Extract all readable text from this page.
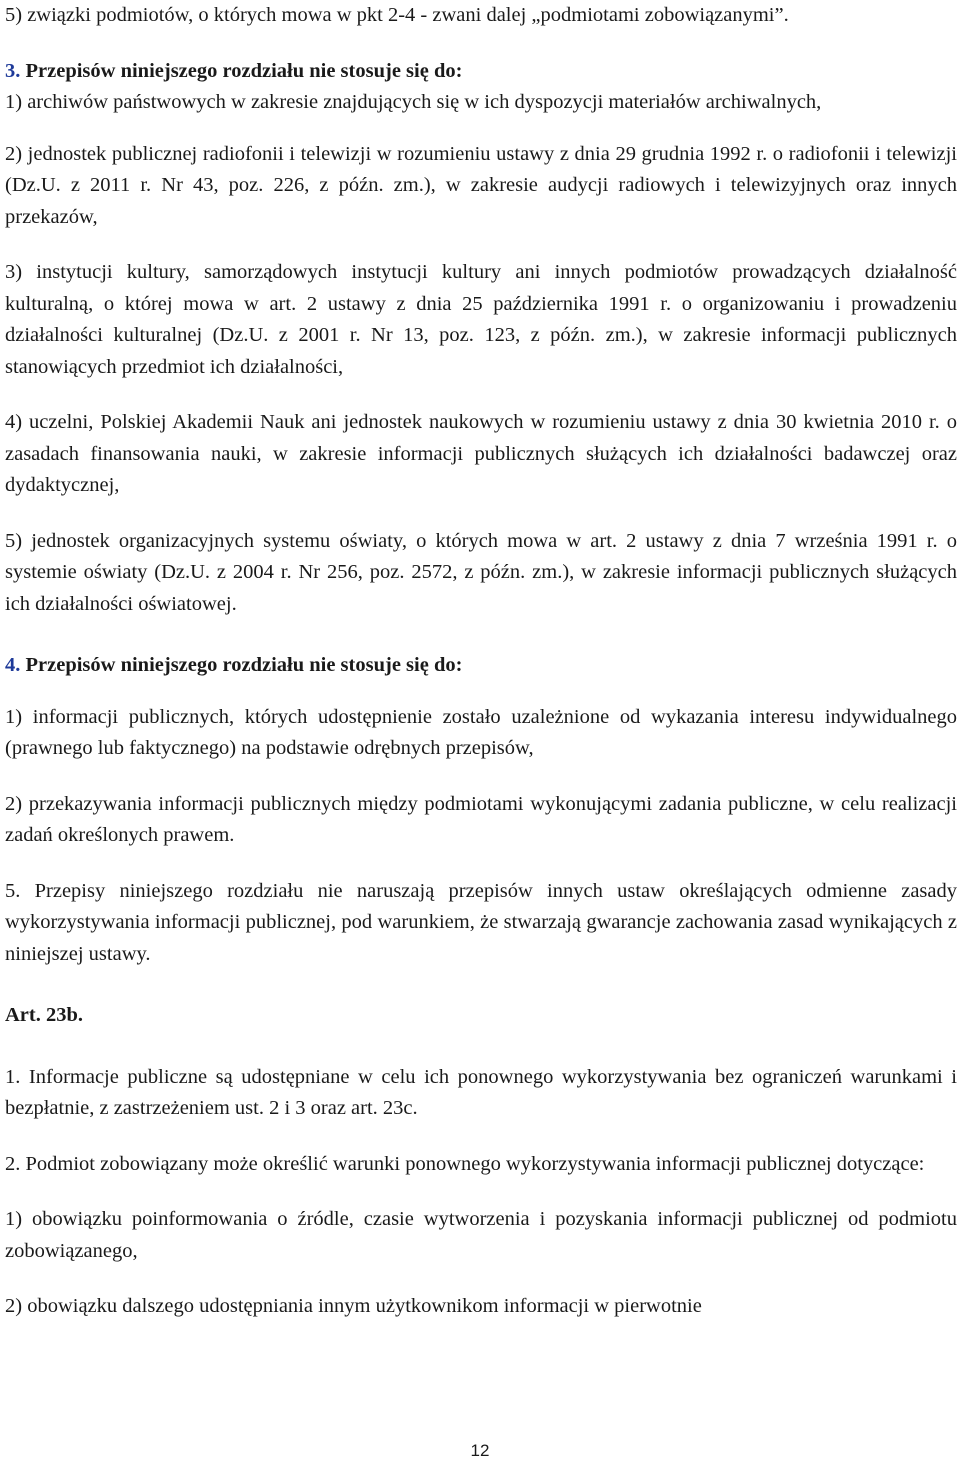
5) związki podmiotów, o których mowa w pkt 2-4 - zwani dalej „podmiotami zobowiązanymi”.

3. Przepisów niniejszego rozdziału nie stosuje się do:

1) archiwów państwowych w zakresie znajdujących się w ich dyspozycji materiałów archiwalnych,

2) jednostek publicznej radiofonii i telewizji w rozumieniu ustawy z dnia 29 grudnia 1992 r. o radiofonii i telewizji (Dz.U. z 2011 r. Nr 43, poz. 226, z późn. zm.), w zakresie audycji radiowych i telewizyjnych oraz innych przekazów,

3) instytucji kultury, samorządowych instytucji kultury ani innych podmiotów prowadzących działalność kulturalną, o której mowa w art. 2 ustawy z dnia 25 października 1991 r. o organizowaniu i prowadzeniu działalności kulturalnej (Dz.U. z 2001 r. Nr 13, poz. 123, z późn. zm.), w zakresie informacji publicznych stanowiących przedmiot ich działalności,

4) uczelni, Polskiej Akademii Nauk ani jednostek naukowych w rozumieniu ustawy z dnia 30 kwietnia 2010 r. o zasadach finansowania nauki, w zakresie informacji publicznych służących ich działalności badawczej oraz dydaktycznej,

5) jednostek organizacyjnych systemu oświaty, o których mowa w art. 2 ustawy z dnia 7 września 1991 r. o systemie oświaty (Dz.U. z 2004 r. Nr 256, poz. 2572, z późn. zm.), w zakresie informacji publicznych służących ich działalności oświatowej.

4. Przepisów niniejszego rozdziału nie stosuje się do:

1) informacji publicznych, których udostępnienie zostało uzależnione od wykazania interesu indywidualnego (prawnego lub faktycznego) na podstawie odrębnych przepisów,

2) przekazywania informacji publicznych między podmiotami wykonującymi zadania publiczne, w celu realizacji zadań określonych prawem.

5. Przepisy niniejszego rozdziału nie naruszają przepisów innych ustaw określających odmienne zasady wykorzystywania informacji publicznej, pod warunkiem, że stwarzają gwarancje zachowania zasad wynikających z niniejszej ustawy.

Art. 23b.

1. Informacje publiczne są udostępniane w celu ich ponownego wykorzystywania bez ograniczeń warunkami i bezpłatnie, z zastrzeżeniem ust. 2 i 3 oraz art. 23c.

2. Podmiot zobowiązany może określić warunki ponownego wykorzystywania informacji publicznej dotyczące:

1) obowiązku poinformowania o źródle, czasie wytworzenia i pozyskania informacji publicznej od podmiotu zobowiązanego,

2) obowiązku dalszego udostępniania innym użytkownikom informacji w pierwotnie

12
